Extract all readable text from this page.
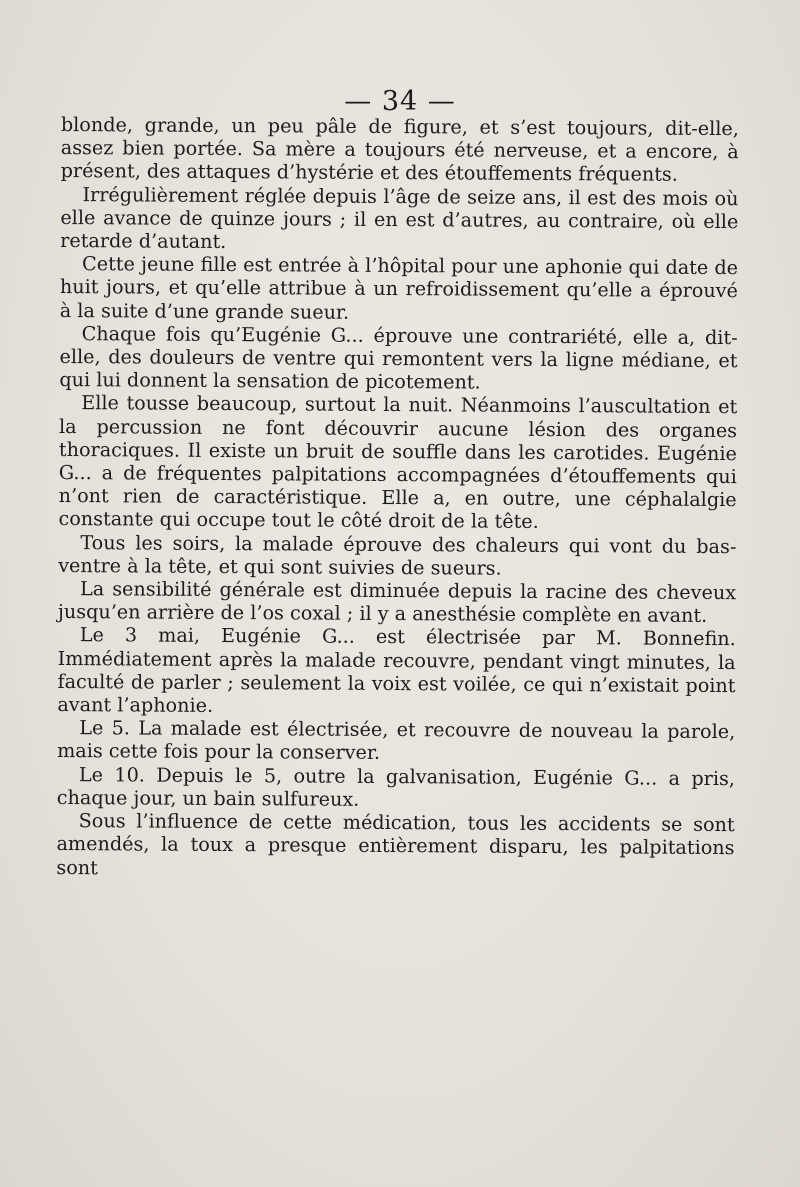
— 34 —

blonde, grande, un peu pâle de figure, et s’est toujours, dit-elle, assez bien portée. Sa mère a toujours été nerveuse, et a encore, à présent, des attaques d’hystérie et des étouffements fréquents.

Irrégulièrement réglée depuis l’âge de seize ans, il est des mois où elle avance de quinze jours ; il en est d’autres, au contraire, où elle retarde d’autant.

Cette jeune fille est entrée à l’hôpital pour une aphonie qui date de huit jours, et qu’elle attribue à un refroidissement qu’elle a éprouvé à la suite d’une grande sueur.

Chaque fois qu’Eugénie G... éprouve une contrariété, elle a, dit-elle, des douleurs de ventre qui remontent vers la ligne médiane, et qui lui donnent la sensation de picotement.

Elle tousse beaucoup, surtout la nuit. Néanmoins l’auscultation et la percussion ne font découvrir aucune lésion des organes thoraciques. Il existe un bruit de souffle dans les carotides. Eugénie G... a de fréquentes palpitations accompagnées d’étouffements qui n’ont rien de caractéristique. Elle a, en outre, une céphalalgie constante qui occupe tout le côté droit de la tête.

Tous les soirs, la malade éprouve des chaleurs qui vont du bas-ventre à la tête, et qui sont suivies de sueurs.

La sensibilité générale est diminuée depuis la racine des cheveux jusqu’en arrière de l’os coxal ; il y a anesthésie complète en avant.

Le 3 mai, Eugénie G... est électrisée par M. Bonnefin. Immédiatement après la malade recouvre, pendant vingt minutes, la faculté de parler ; seulement la voix est voilée, ce qui n’existait point avant l’aphonie.

Le 5. La malade est électrisée, et recouvre de nouveau la parole, mais cette fois pour la conserver.

Le 10. Depuis le 5, outre la galvanisation, Eugénie G... a pris, chaque jour, un bain sulfureux.

Sous l’influence de cette médication, tous les accidents se sont amendés, la toux a presque entièrement disparu, les palpitations sont
